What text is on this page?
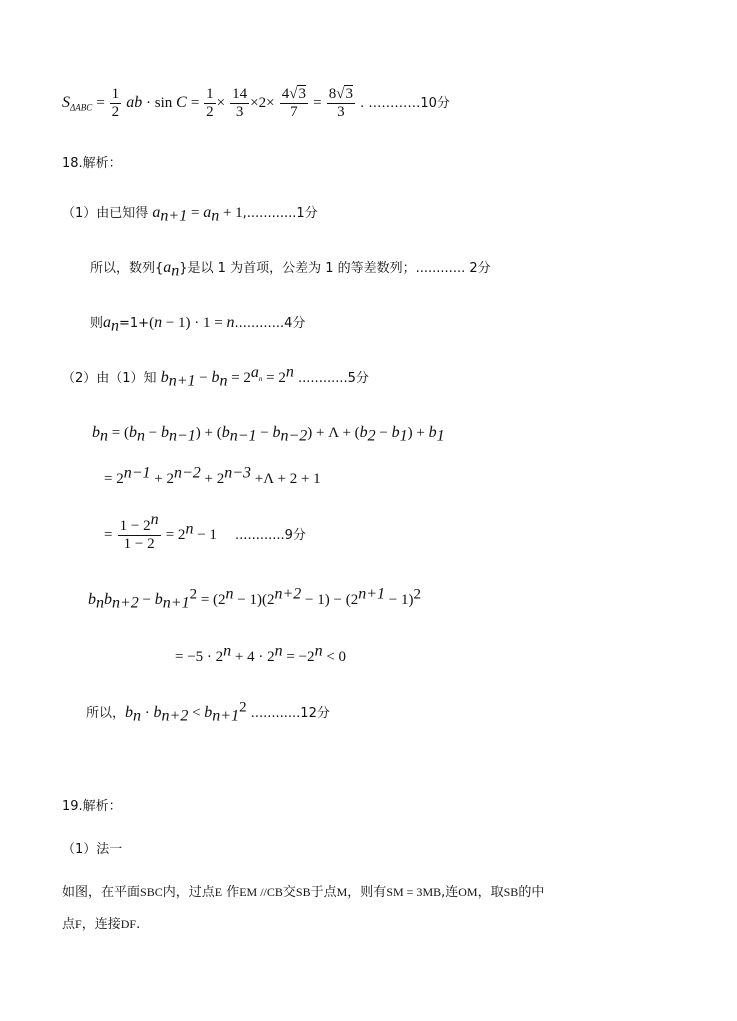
$S_{\Delta ABC} = \frac{1}{2}$ ab · $\sin C = \frac{1}{2} \times \frac{14}{3} \times 2\times \frac{4√3}{7} = \frac{8√3}{3}$ . …………10分
18.解析：
（1）由已知得 $a_{n+1} = a_n + 1,............1$分
所以，数列$\{a_n\}$是以 1 为首项，公差为 1 的等差数列；............ 2分
则$a_n=1+(n - 1) \cdot 1 = n............4$分
（2）由（1）知 $b_{n+1} - b_n = 2^{a_n} = 2^n$ ............5分
$b_n = (b_n - b_{n-1}) + (b_{n-1} - b_{n-2}) + \Lambda + (b_2 - b_1) + b_1$
= $2^{n-1} + 2^{n-2} + 2^{n-3} +\Lambda + 2 + 1$
= $\frac{1 - 2^n}{1 - 2} = 2^n - 1$ ............9分
$b_nb_{n+2} - b_{n+1}^2 = (2^n - 1)(2^{n+2} - 1) - (2^{n+1} - 1)^2$
= $-5 \cdot 2^n + 4 \cdot 2^n = -2^n < 0$
所以，$b_n \cdot b_{n+2} < b_{n+1}^2$ ............12分
19.解析：
（1）法一
如图，在平面SBC内，过点E 作EM //CB交SB于点M，则有SM = 3MB,连OM，取SB的中
点F，连接DF.
